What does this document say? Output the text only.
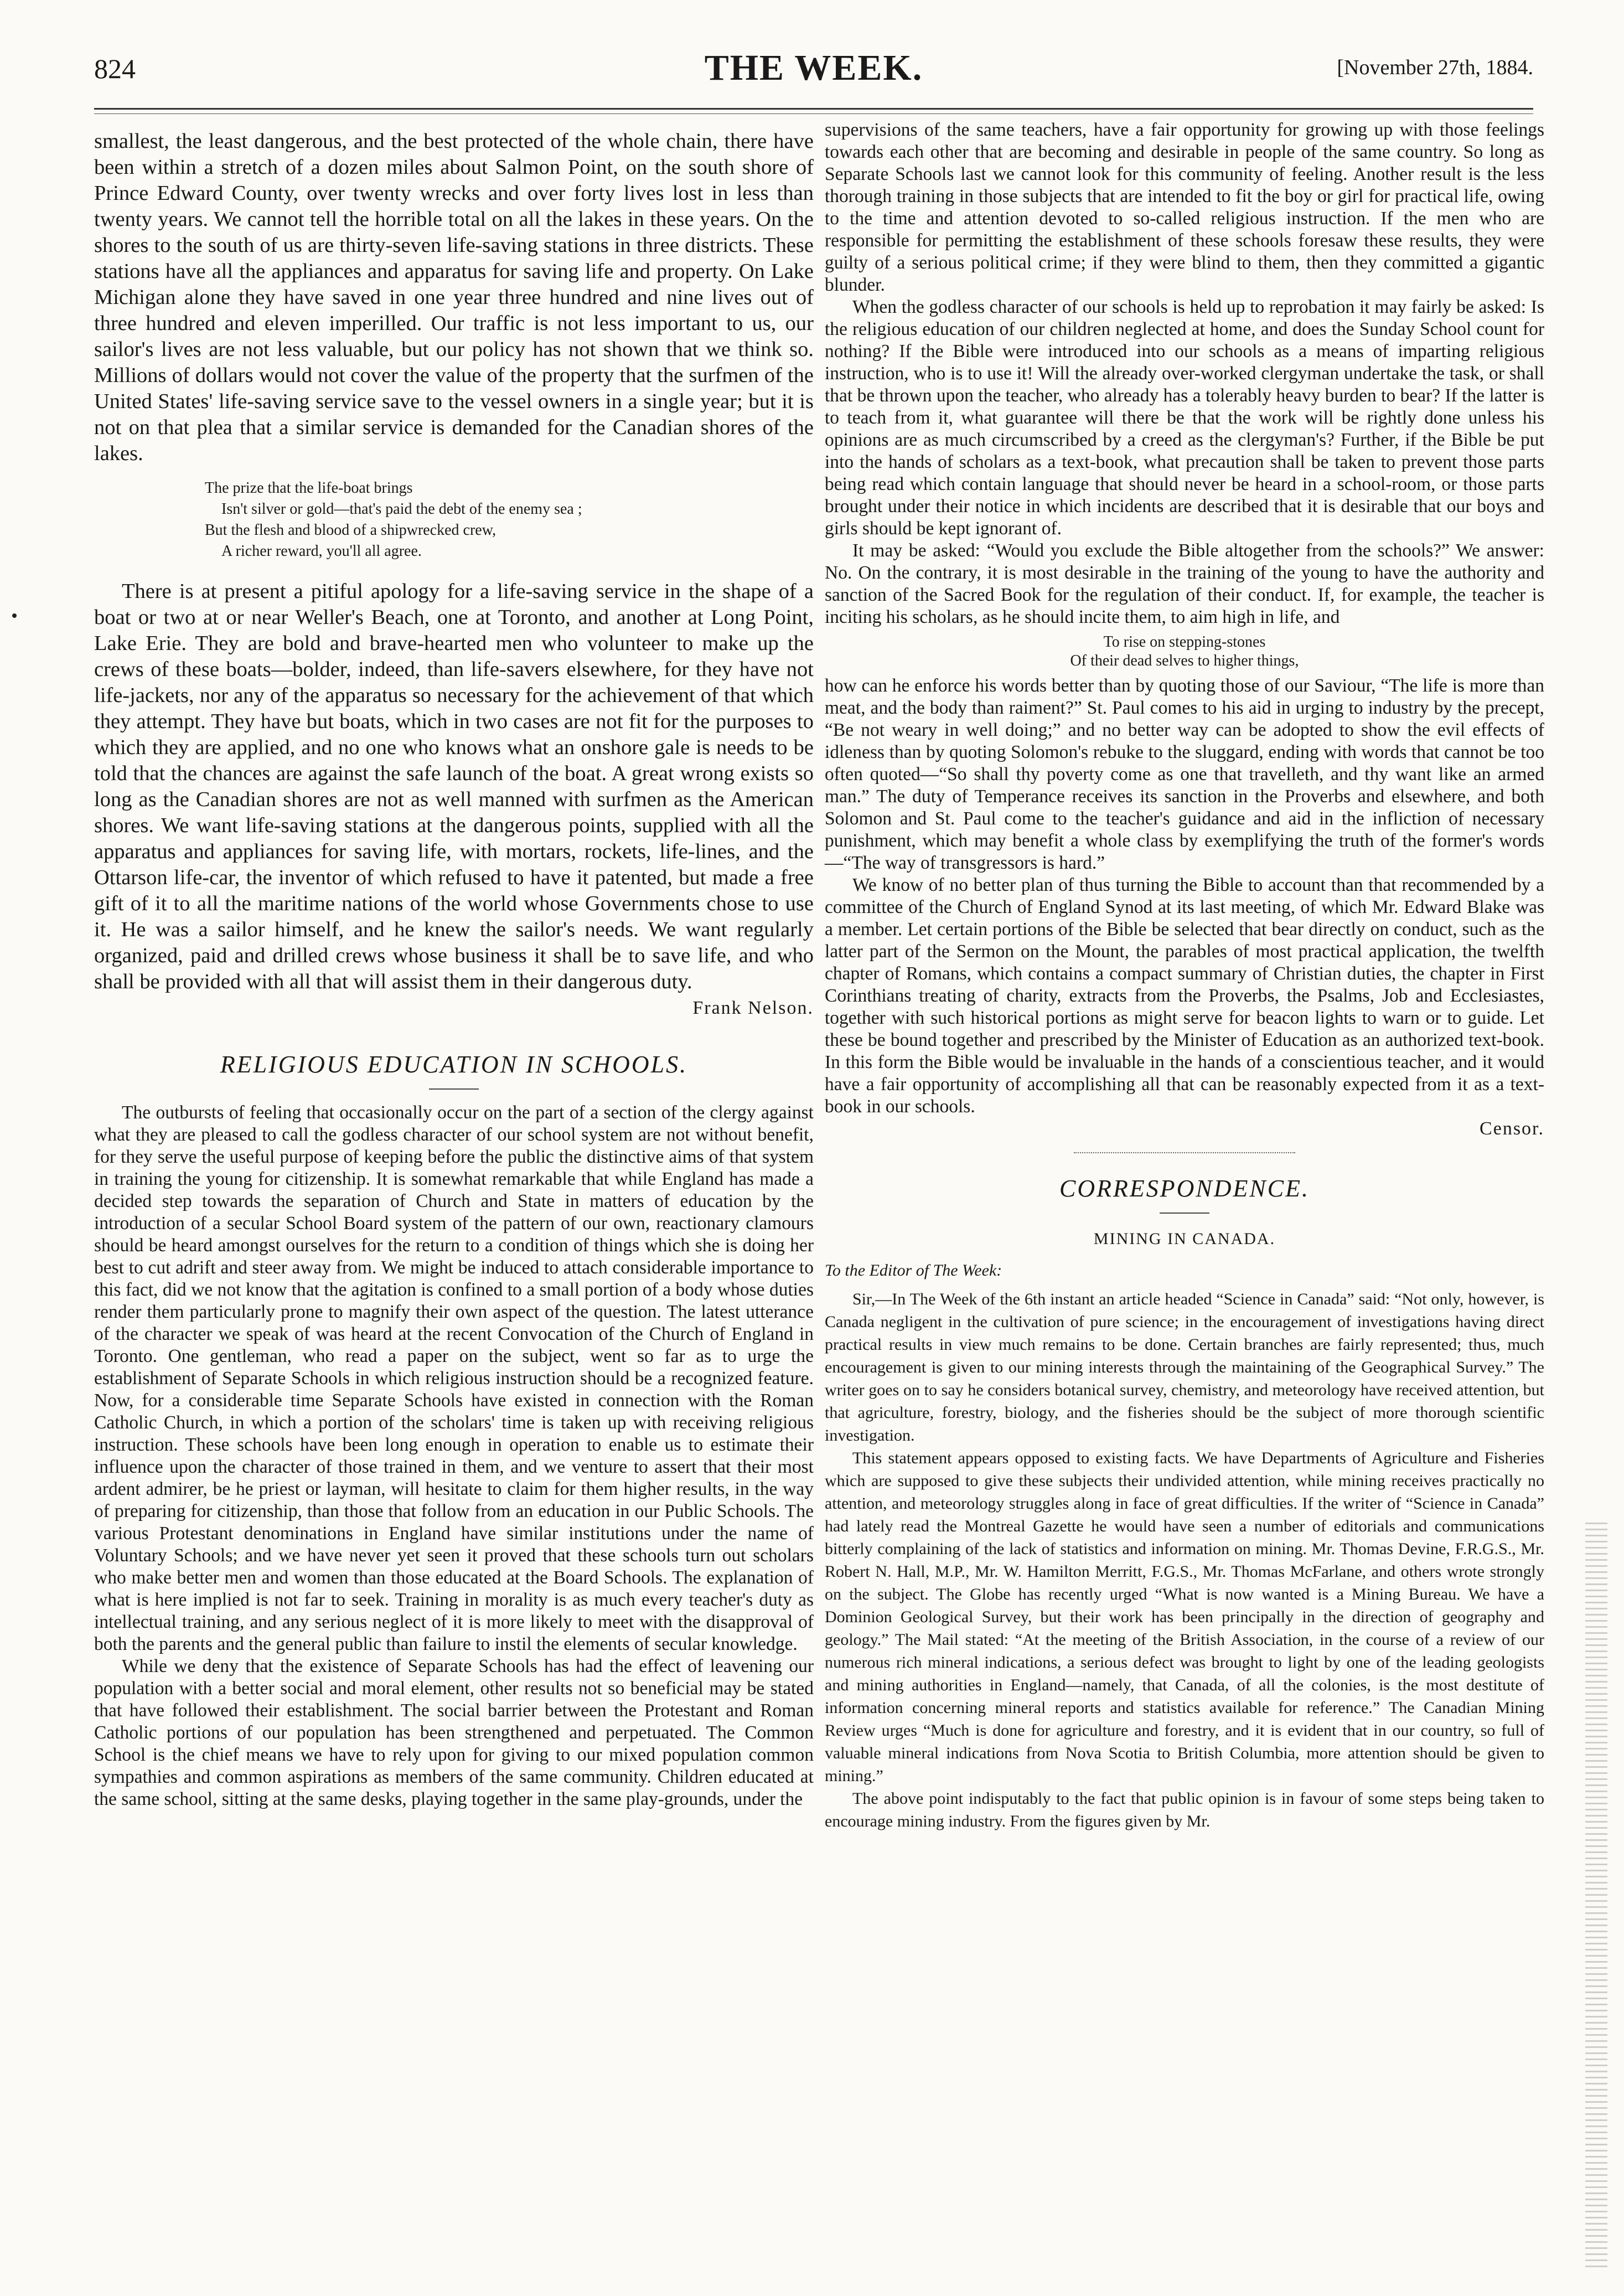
824	THE WEEK.	[November 27th, 1884.

smallest, the least dangerous, and the best protected of the whole chain, there have been within a stretch of a dozen miles about Salmon Point, on the south shore of Prince Edward County, over twenty wrecks and over forty lives lost in less than twenty years. We cannot tell the horrible total on all the lakes in these years. On the shores to the south of us are thirty-seven life-saving stations in three districts. These stations have all the appliances and apparatus for saving life and property. On Lake Michigan alone they have saved in one year three hundred and nine lives out of three hundred and eleven imperilled. Our traffic is not less important to us, our sailor's lives are not less valuable, but our policy has not shown that we think so. Millions of dollars would not cover the value of the property that the surfmen of the United States' life-saving service save to the vessel owners in a single year; but it is not on that plea that a similar service is demanded for the Canadian shores of the lakes.

The prize that the life-boat brings
Isn't silver or gold—that's paid the debt of the enemy sea ;
But the flesh and blood of a shipwrecked crew,
A richer reward, you'll all agree.

There is at present a pitiful apology for a life-saving service in the shape of a boat or two at or near Weller's Beach, one at Toronto, and another at Long Point, Lake Erie. They are bold and brave-hearted men who volunteer to make up the crews of these boats—bolder, indeed, than life-savers elsewhere, for they have not life-jackets, nor any of the apparatus so necessary for the achievement of that which they attempt. They have but boats, which in two cases are not fit for the purposes to which they are applied, and no one who knows what an onshore gale is needs to be told that the chances are against the safe launch of the boat. A great wrong exists so long as the Canadian shores are not as well manned with surfmen as the American shores. We want life-saving stations at the dangerous points, supplied with all the apparatus and appliances for saving life, with mortars, rockets, life-lines, and the Ottarson life-car, the inventor of which refused to have it patented, but made a free gift of it to all the maritime nations of the world whose Governments chose to use it. He was a sailor himself, and he knew the sailor's needs. We want regularly organized, paid and drilled crews whose business it shall be to save life, and who shall be provided with all that will assist them in their dangerous duty.

Frank Nelson.
RELIGIOUS EDUCATION IN SCHOOLS.

The outbursts of feeling that occasionally occur on the part of a section of the clergy against what they are pleased to call the godless character of our school system are not without benefit, for they serve the useful purpose of keeping before the public the distinctive aims of that system in training the young for citizenship. It is somewhat remarkable that while England has made a decided step towards the separation of Church and State in matters of education by the introduction of a secular School Board system of the pattern of our own, reactionary clamours should be heard amongst ourselves for the return to a condition of things which she is doing her best to cut adrift and steer away from. We might be induced to attach considerable importance to this fact, did we not know that the agitation is confined to a small portion of a body whose duties render them particularly prone to magnify their own aspect of the question. The latest utterance of the character we speak of was heard at the recent Convocation of the Church of England in Toronto. One gentleman, who read a paper on the subject, went so far as to urge the establishment of Separate Schools in which religious instruction should be a recognized feature. Now, for a considerable time Separate Schools have existed in connection with the Roman Catholic Church, in which a portion of the scholars' time is taken up with receiving religious instruction. These schools have been long enough in operation to enable us to estimate their influence upon the character of those trained in them, and we venture to assert that their most ardent admirer, be he priest or layman, will hesitate to claim for them higher results, in the way of preparing for citizenship, than those that follow from an education in our Public Schools. The various Protestant denominations in England have similar institutions under the name of Voluntary Schools; and we have never yet seen it proved that these schools turn out scholars who make better men and women than those educated at the Board Schools. The explanation of what is here implied is not far to seek. Training in morality is as much every teacher's duty as intellectual training, and any serious neglect of it is more likely to meet with the disapproval of both the parents and the general public than failure to instil the elements of secular knowledge.

While we deny that the existence of Separate Schools has had the effect of leavening our population with a better social and moral element, other results not so beneficial may be stated that have followed their establishment. The social barrier between the Protestant and Roman Catholic portions of our population has been strengthened and perpetuated. The Common School is the chief means we have to rely upon for giving to our mixed population common sympathies and common aspirations as members of the same community. Children educated at the same school, sitting at the same desks, playing together in the same play-grounds, under the

supervisions of the same teachers, have a fair opportunity for growing up with those feelings towards each other that are becoming and desirable in people of the same country. So long as Separate Schools last we cannot look for this community of feeling. Another result is the less thorough training in those subjects that are intended to fit the boy or girl for practical life, owing to the time and attention devoted to so-called religious instruction. If the men who are responsible for permitting the establishment of these schools foresaw these results, they were guilty of a serious political crime; if they were blind to them, then they committed a gigantic blunder.

When the godless character of our schools is held up to reprobation it may fairly be asked: Is the religious education of our children neglected at home, and does the Sunday School count for nothing? If the Bible were introduced into our schools as a means of imparting religious instruction, who is to use it! Will the already over-worked clergyman undertake the task, or shall that be thrown upon the teacher, who already has a tolerably heavy burden to bear? If the latter is to teach from it, what guarantee will there be that the work will be rightly done unless his opinions are as much circumscribed by a creed as the clergyman's? Further, if the Bible be put into the hands of scholars as a text-book, what precaution shall be taken to prevent those parts being read which contain language that should never be heard in a school-room, or those parts brought under their notice in which incidents are described that it is desirable that our boys and girls should be kept ignorant of.

It may be asked: “Would you exclude the Bible altogether from the schools?” We answer: No. On the contrary, it is most desirable in the training of the young to have the authority and sanction of the Sacred Book for the regulation of their conduct. If, for example, the teacher is inciting his scholars, as he should incite them, to aim high in life, and

To rise on stepping-stones
Of their dead selves to higher things,

how can he enforce his words better than by quoting those of our Saviour, “The life is more than meat, and the body than raiment?” St. Paul comes to his aid in urging to industry by the precept, “Be not weary in well doing;” and no better way can be adopted to show the evil effects of idleness than by quoting Solomon's rebuke to the sluggard, ending with words that cannot be too often quoted—“So shall thy poverty come as one that travelleth, and thy want like an armed man.” The duty of Temperance receives its sanction in the Proverbs and elsewhere, and both Solomon and St. Paul come to the teacher's guidance and aid in the infliction of necessary punishment, which may benefit a whole class by exemplifying the truth of the former's words—“The way of transgressors is hard.”

We know of no better plan of thus turning the Bible to account than that recommended by a committee of the Church of England Synod at its last meeting, of which Mr. Edward Blake was a member. Let certain portions of the Bible be selected that bear directly on conduct, such as the latter part of the Sermon on the Mount, the parables of most practical application, the twelfth chapter of Romans, which contains a compact summary of Christian duties, the chapter in First Corinthians treating of charity, extracts from the Proverbs, the Psalms, Job and Ecclesiastes, together with such historical portions as might serve for beacon lights to warn or to guide. Let these be bound together and prescribed by the Minister of Education as an authorized text-book. In this form the Bible would be invaluable in the hands of a conscientious teacher, and it would have a fair opportunity of accomplishing all that can be reasonably expected from it as a text-book in our schools.

Censor.
CORRESPONDENCE.
MINING IN CANADA.
To the Editor of The Week:

Sir,—In The Week of the 6th instant an article headed “Science in Canada” said: “Not only, however, is Canada negligent in the cultivation of pure science; in the encouragement of investigations having direct practical results in view much remains to be done. Certain branches are fairly represented; thus, much encouragement is given to our mining interests through the maintaining of the Geographical Survey.” The writer goes on to say he considers botanical survey, chemistry, and meteorology have received attention, but that agriculture, forestry, biology, and the fisheries should be the subject of more thorough scientific investigation.

This statement appears opposed to existing facts. We have Departments of Agriculture and Fisheries which are supposed to give these subjects their undivided attention, while mining receives practically no attention, and meteorology struggles along in face of great difficulties. If the writer of “Science in Canada” had lately read the Montreal Gazette he would have seen a number of editorials and communications bitterly complaining of the lack of statistics and information on mining. Mr. Thomas Devine, F.R.G.S., Mr. Robert N. Hall, M.P., Mr. W. Hamilton Merritt, F.G.S., Mr. Thomas McFarlane, and others wrote strongly on the subject. The Globe has recently urged “What is now wanted is a Mining Bureau. We have a Dominion Geological Survey, but their work has been principally in the direction of geography and geology.” The Mail stated: “At the meeting of the British Association, in the course of a review of our numerous rich mineral indications, a serious defect was brought to light by one of the leading geologists and mining authorities in England—namely, that Canada, of all the colonies, is the most destitute of information concerning mineral reports and statistics available for reference.” The Canadian Mining Review urges “Much is done for agriculture and forestry, and it is evident that in our country, so full of valuable mineral indications from Nova Scotia to British Columbia, more attention should be given to mining.”

The above point indisputably to the fact that public opinion is in favour of some steps being taken to encourage mining industry. From the figures given by Mr.
